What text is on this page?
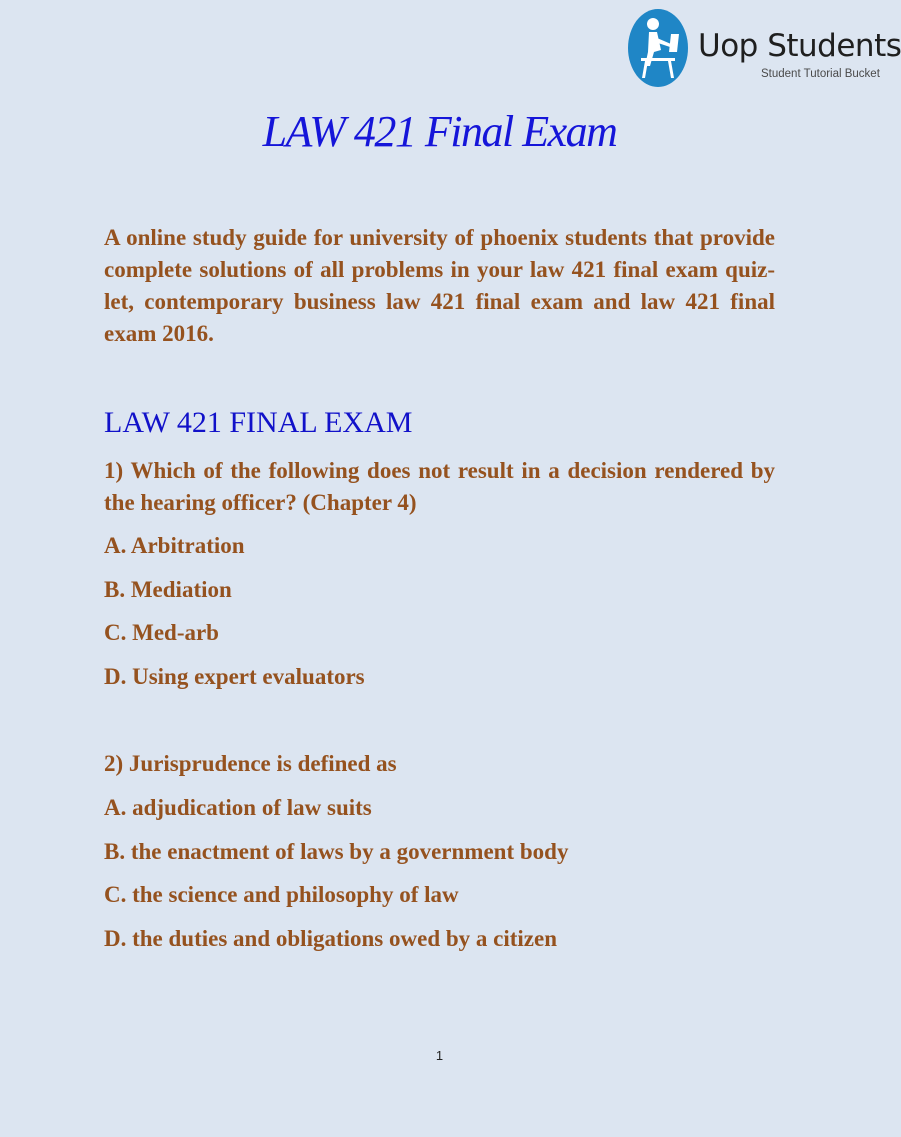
Uop Students
Student Tutorial Bucket
LAW 421 Final Exam

A online study guide for university of phoenix students that provide complete solutions of all problems in your law 421 final exam quiz-let, contemporary business law 421 final exam and law 421 final exam 2016.

LAW 421 FINAL EXAM

1) Which of the following does not result in a decision rendered by the hearing officer? (Chapter 4)

A. Arbitration
B. Mediation
C. Med-arb
D. Using expert evaluators

2) Jurisprudence is defined as

A. adjudication of law suits
B. the enactment of laws by a government body
C. the science and philosophy of law
D. the duties and obligations owed by a citizen
1
